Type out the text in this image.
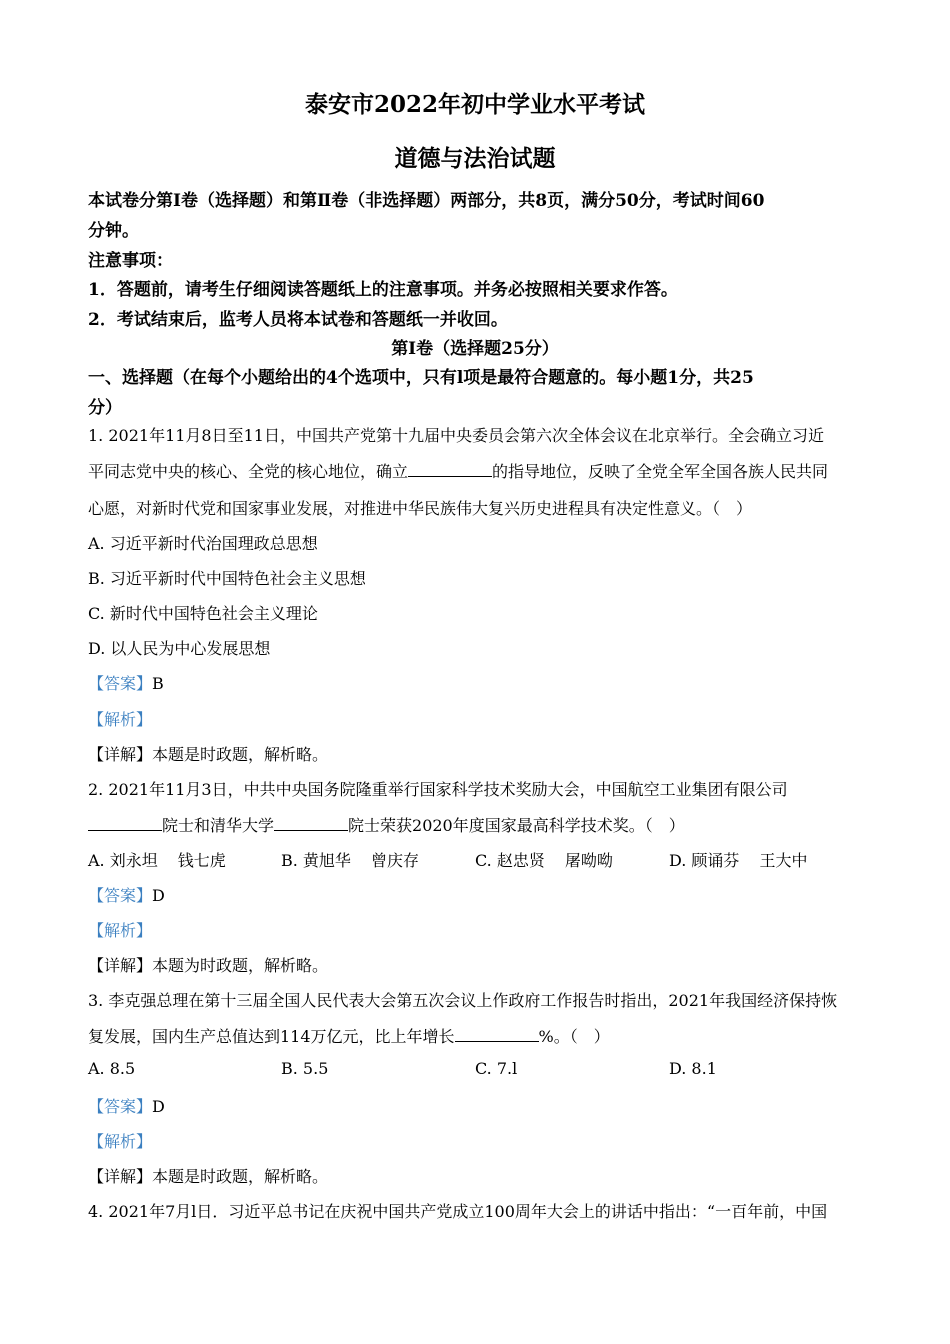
泰安市2022年初中学业水平考试
道德与法治试题
本试卷分第Ⅰ卷（选择题）和第Ⅱ卷（非选择题）两部分，共8页，满分50分，考试时间60
分钟。
注意事项：
1．答题前，请考生仔细阅读答题纸上的注意事项。并务必按照相关要求作答。
2．考试结束后，监考人员将本试卷和答题纸一并收回。
第Ⅰ卷（选择题25分）
一、选择题（在每个小题给出的4个选项中，只有l项是最符合题意的。每小题1分，共25
分）
1. 2021年11月8日至11日，中国共产党第十九届中央委员会第六次全体会议在北京举行。全会确立习近
平同志党中央的核心、全党的核心地位，确立	的指导地位，反映了全党全军全国各族人民共同
心愿，对新时代党和国家事业发展，对推进中华民族伟大复兴历史进程具有决定性意义。（　）
A. 习近平新时代治国理政总思想
B. 习近平新时代中国特色社会主义思想
C. 新时代中国特色社会主义理论
D. 以人民为中心发展思想
【答案】B
【解析】
【详解】本题是时政题，解析略。
2. 2021年11月3日，中共中央国务院隆重举行国家科学技术奖励大会，中国航空工业集团有限公司
院士和清华大学	院士荣获2020年度国家最高科学技术奖。（　）
A. 刘永坦 钱七虎	B. 黄旭华 曾庆存	C. 赵忠贤 屠呦呦	D. 顾诵芬 王大中
【答案】D
【解析】
【详解】本题为时政题，解析略。
3. 李克强总理在第十三届全国人民代表大会第五次会议上作政府工作报告时指出，2021年我国经济保持恢
复发展，国内生产总值达到114万亿元，比上年增长	%。（　）
A. 8.5	B. 5.5	C. 7.l	D. 8.1
【答案】D
【解析】
【详解】本题是时政题，解析略。
4. 2021年7月l日．习近平总书记在庆祝中国共产党成立100周年大会上的讲话中指出：“一百年前，中国
